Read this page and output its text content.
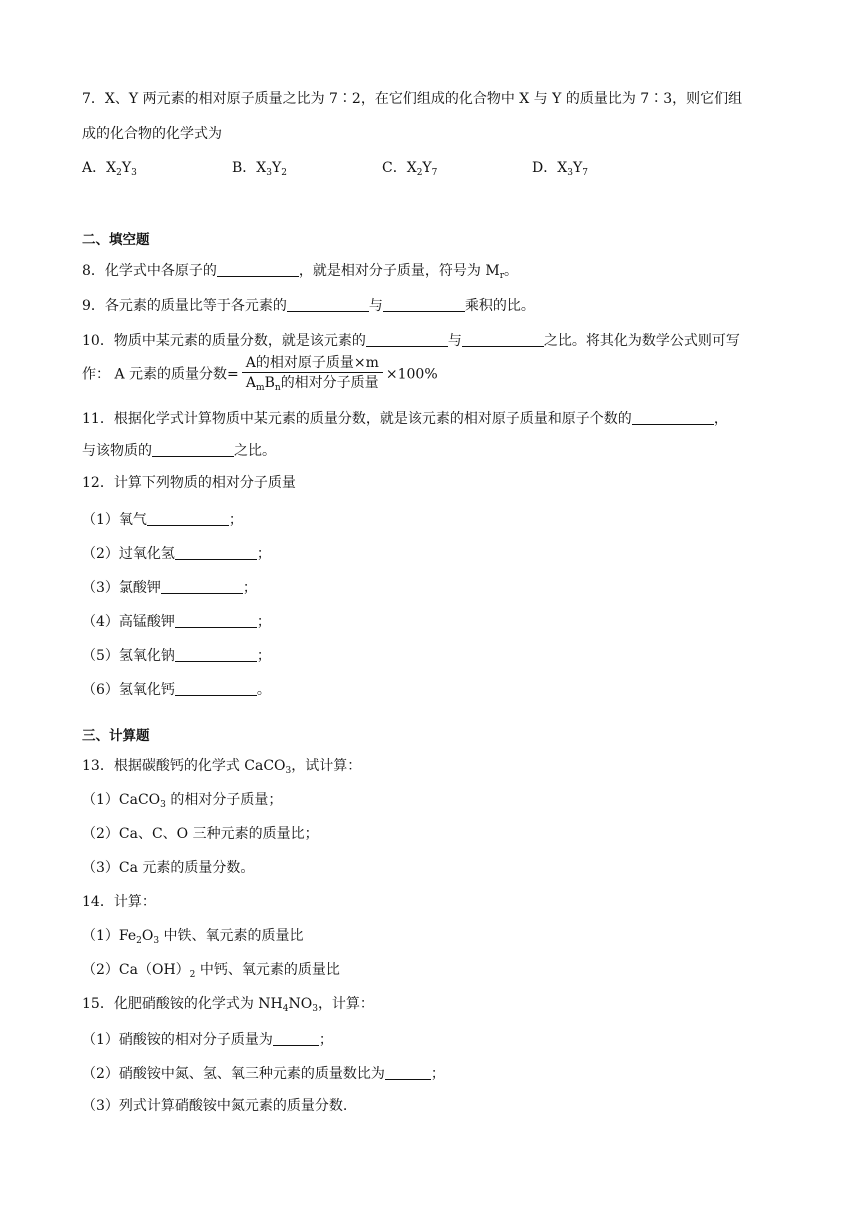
7．X、Y 两元素的相对原子质量之比为 7∶2，在它们组成的化合物中 X 与 Y 的质量比为 7∶3，则它们组
成的化合物的化学式为
A．$X_2Y_3$	B．$X_3Y_2$	C．$X_2Y_7$	D．$X_3Y_7$
二、填空题
8．化学式中各原子的	，就是相对分子质量，符号为 $M_r$。
9．各元素的质量比等于各元素的	与	乘积的比。
10．物质中某元素的质量分数，就是该元素的	与	之比。将其化为数学公式则可写
作： A 元素的质量分数= $\frac{\text{A的相对原子质量×m}}{A_mB_n的相对分子质量} \times 100\%$
11．根据化学式计算物质中某元素的质量分数，就是该元素的相对原子质量和原子个数的	，
与该物质的	之比。
12．计算下列物质的相对分子质量
（1）氧气	；
（2）过氧化氢	；
（3）氯酸钾	；
（4）高锰酸钾	；
（5）氢氧化钠	；
（6）氢氧化钙	。
三、计算题
13．根据碳酸钙的化学式 CaCO$_3$，试计算：
（1）CaCO$_3$ 的相对分子质量；
（2）Ca、C、O 三种元素的质量比；
（3）Ca 元素的质量分数。
14．计算：
$(1)Fe_2O_3$ 中铁、氧元素的质量比
$(2)Ca(OH)_2$ 中钙、氧元素的质量比
15．化肥硝酸铵的化学式为 $NH_4NO_3$，计算：
（1）硝酸铵的相对分子质量为	；
（2）硝酸铵中氮、氢、氧三种元素的质量数比为	；
（3）列式计算硝酸铵中氮元素的质量分数.
